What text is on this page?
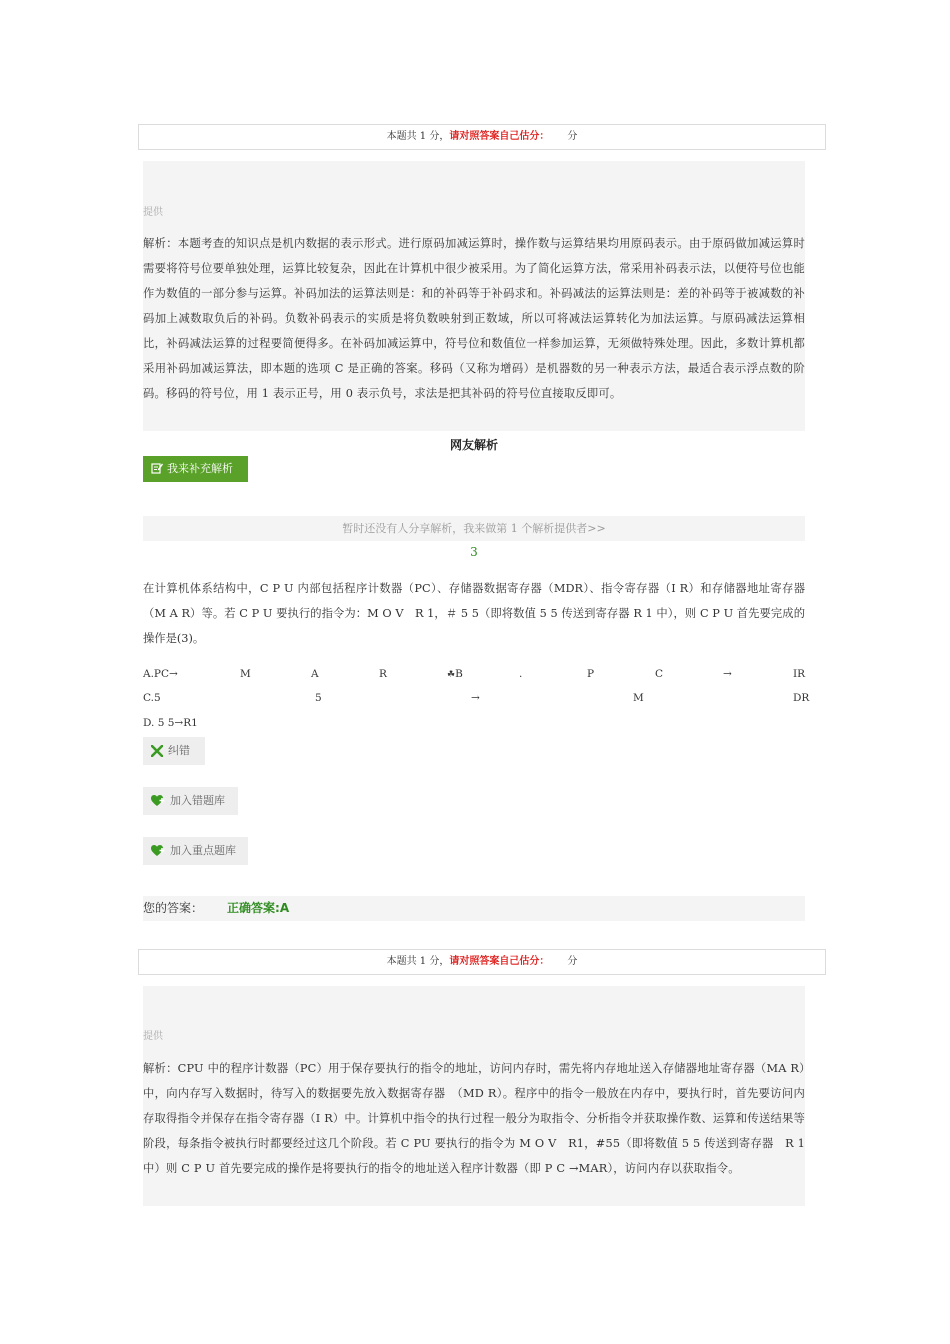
本题共 1 分，请对照答案自己估分： 分
提供
解析：本题考查的知识点是机内数据的表示形式。进行原码加减运算时，操作数与运算结果均用原码表示。由于原码做加减运算时需要将符号位要单独处理，运算比较复杂，因此在计算机中很少被采用。为了简化运算方法，常采用补码表示法，以便符号位也能作为数值的一部分参与运算。补码加法的运算法则是：和的补码等于补码求和。补码减法的运算法则是：差的补码等于被减数的补码加上减数取负后的补码。负数补码表示的实质是将负数映射到正数域，所以可将减法运算转化为加法运算。与原码减法运算相比，补码减法运算的过程要简便得多。在补码加减运算中，符号位和数值位一样参加运算，无须做特殊处理。因此，多数计算机都采用补码加减运算法，即本题的选项 C 是正确的答案。移码（又称为增码）是机器数的另一种表示方法，最适合表示浮点数的阶码。移码的符号位，用 1 表示正号，用 0 表示负号，求法是把其补码的符号位直接取反即可。
网友解析
我来补充解析
暂时还没有人分享解析，我来做第 1 个解析提供者>>
3
在计算机体系结构中，C P U 内部包括程序计数器（PC）、存储器数据寄存器（MDR）、指令寄存器（I R）和存储器地址寄存器（M A R）等。若 C P U 要执行的指令为：M O V　R 1，＃ 5 5（即将数值 5 5 传送到寄存器 R 1 中），则 C P U 首先要完成的操作是(3)。
A.PC→	M	A	R	☘B	.	P	C	→	IR
C.5	5	→	M	DR
D. 5 5→R1
纠错
加入错题库
加入重点题库
您的答案： 正确答案:A
本题共 1 分，请对照答案自己估分： 分
提供
解析：CPU 中的程序计数器（PC）用于保存要执行的指令的地址，访问内存时，需先将内存地址送入存储器地址寄存器（MA R）中，向内存写入数据时，待写入的数据要先放入数据寄存器　（MD R）。程序中的指令一般放在内存中，要执行时，首先要访问内存取得指令并保存在指令寄存器（I R）中。计算机中指令的执行过程一般分为取指令、分析指令并获取操作数、运算和传送结果等阶段，每条指令被执行时都要经过这几个阶段。若 C PU 要执行的指令为 M O V　R1，#55（即将数值 5 5 传送到寄存器　R 1 中）则 C P U 首先要完成的操作是将要执行的指令的地址送入程序计数器（即 P C →MAR），访问内存以获取指令。
